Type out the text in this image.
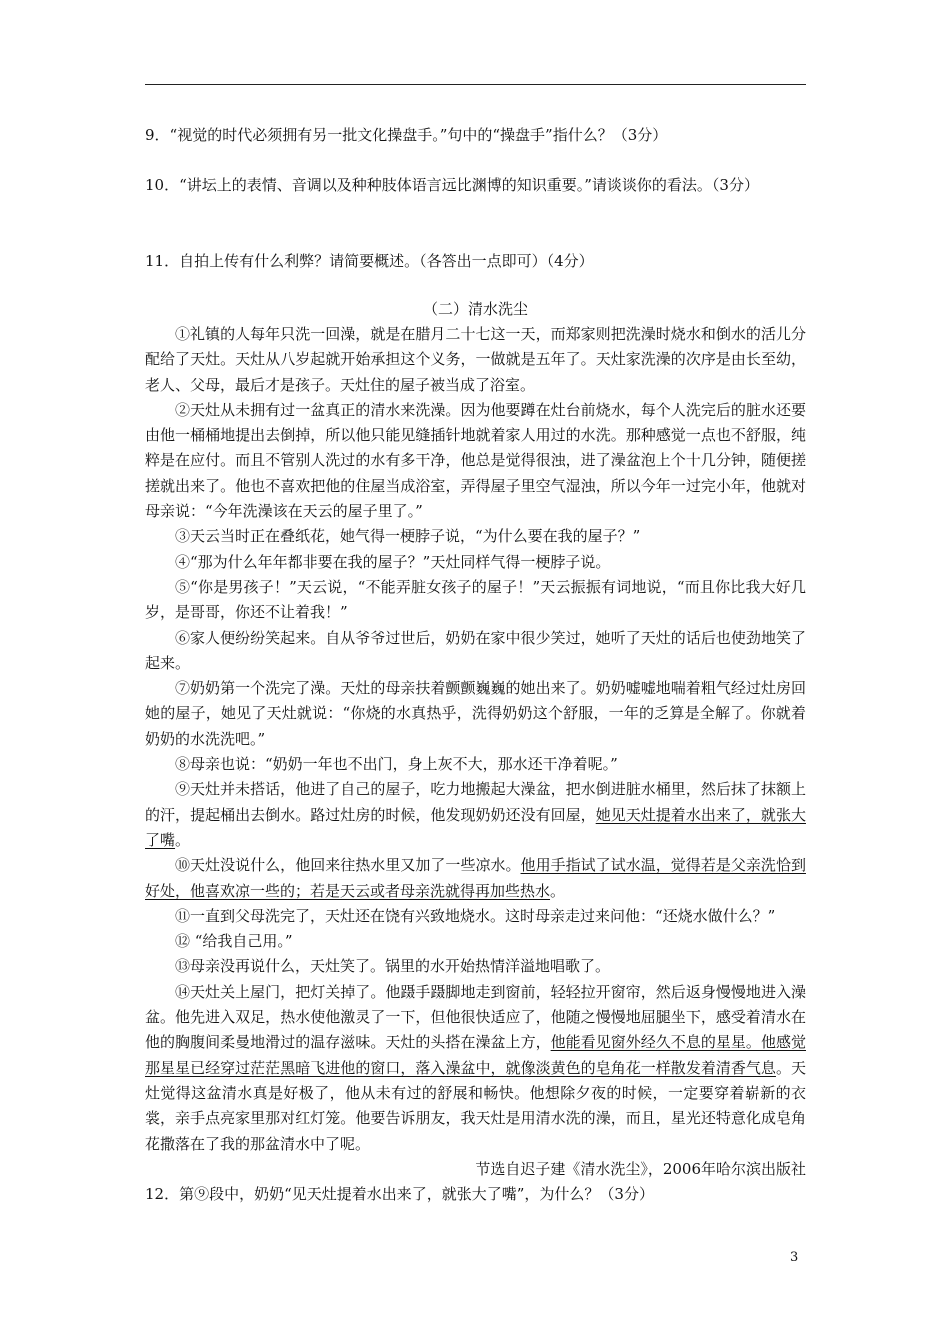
9．“视觉的时代必须拥有另一批文化操盘手。”句中的“操盘手”指什么？（3分）
10．“讲坛上的表情、音调以及种种肢体语言远比渊博的知识重要。”请谈谈你的看法。（3分）
11．自拍上传有什么利弊？请简要概述。（各答出一点即可）（4分）
（二）清水洗尘

①礼镇的人每年只洗一回澡，就是在腊月二十七这一天，而郑家则把洗澡时烧水和倒水的活儿分配给了天灶。天灶从八岁起就开始承担这个义务，一做就是五年了。天灶家洗澡的次序是由长至幼，老人、父母，最后才是孩子。天灶住的屋子被当成了浴室。

②天灶从未拥有过一盆真正的清水来洗澡。因为他要蹲在灶台前烧水，每个人洗完后的脏水还要由他一桶桶地提出去倒掉，所以他只能见缝插针地就着家人用过的水洗。那种感觉一点也不舒服，纯粹是在应付。而且不管别人洗过的水有多干净，他总是觉得很浊，进了澡盆泡上个十几分钟，随便搓搓就出来了。他也不喜欢把他的住屋当成浴室，弄得屋子里空气湿浊，所以今年一过完小年，他就对母亲说：“今年洗澡该在天云的屋子里了。”

③天云当时正在叠纸花，她气得一梗脖子说，“为什么要在我的屋子？”

④“那为什么年年都非要在我的屋子？”天灶同样气得一梗脖子说。

⑤“你是男孩子！”天云说，“不能弄脏女孩子的屋子！”天云振振有词地说，“而且你比我大好几岁，是哥哥，你还不让着我！”

⑥家人便纷纷笑起来。自从爷爷过世后，奶奶在家中很少笑过，她听了天灶的话后也使劲地笑了起来。

⑦奶奶第一个洗完了澡。天灶的母亲扶着颤颤巍巍的她出来了。奶奶嘘嘘地喘着粗气经过灶房回她的屋子，她见了天灶就说：“你烧的水真热乎，洗得奶奶这个舒服，一年的乏算是全解了。你就着奶奶的水洗洗吧。”

⑧母亲也说：“奶奶一年也不出门，身上灰不大，那水还干净着呢。”

⑨天灶并未搭话，他进了自己的屋子，吃力地搬起大澡盆，把水倒进脏水桶里，然后抹了抹额上的汗，提起桶出去倒水。路过灶房的时候，他发现奶奶还没有回屋，她见天灶提着水出来了，就张大了嘴。

⑩天灶没说什么，他回来往热水里又加了一些凉水。他用手指试了试水温，觉得若是父亲洗恰到好处，他喜欢凉一些的；若是天云或者母亲洗就得再加些热水。

⑪一直到父母洗完了，天灶还在饶有兴致地烧水。这时母亲走过来问他：“还烧水做什么？”

⑫ “给我自己用。”

⑬母亲没再说什么，天灶笑了。锅里的水开始热情洋溢地唱歌了。

⑭天灶关上屋门，把灯关掉了。他蹑手蹑脚地走到窗前，轻轻拉开窗帘，然后返身慢慢地进入澡盆。他先进入双足，热水使他激灵了一下，但他很快适应了，他随之慢慢地屈腿坐下，感受着清水在他的胸腹间柔曼地滑过的温存滋味。天灶的头搭在澡盆上方，他能看见窗外经久不息的星星。他感觉那星星已经穿过茫茫黑暗飞进他的窗口，落入澡盆中，就像淡黄色的皂角花一样散发着清香气息。天灶觉得这盆清水真是好极了，他从未有过的舒展和畅快。他想除夕夜的时候，一定要穿着崭新的衣裳，亲手点亮家里那对红灯笼。他要告诉朋友，我天灶是用清水洗的澡，而且，星光还特意化成皂角花撒落在了我的那盆清水中了呢。

节选自迟子建《清水洗尘》，2006年哈尔滨出版社

12．第⑨段中，奶奶“见天灶提着水出来了，就张大了嘴”，为什么？（3分）

3
